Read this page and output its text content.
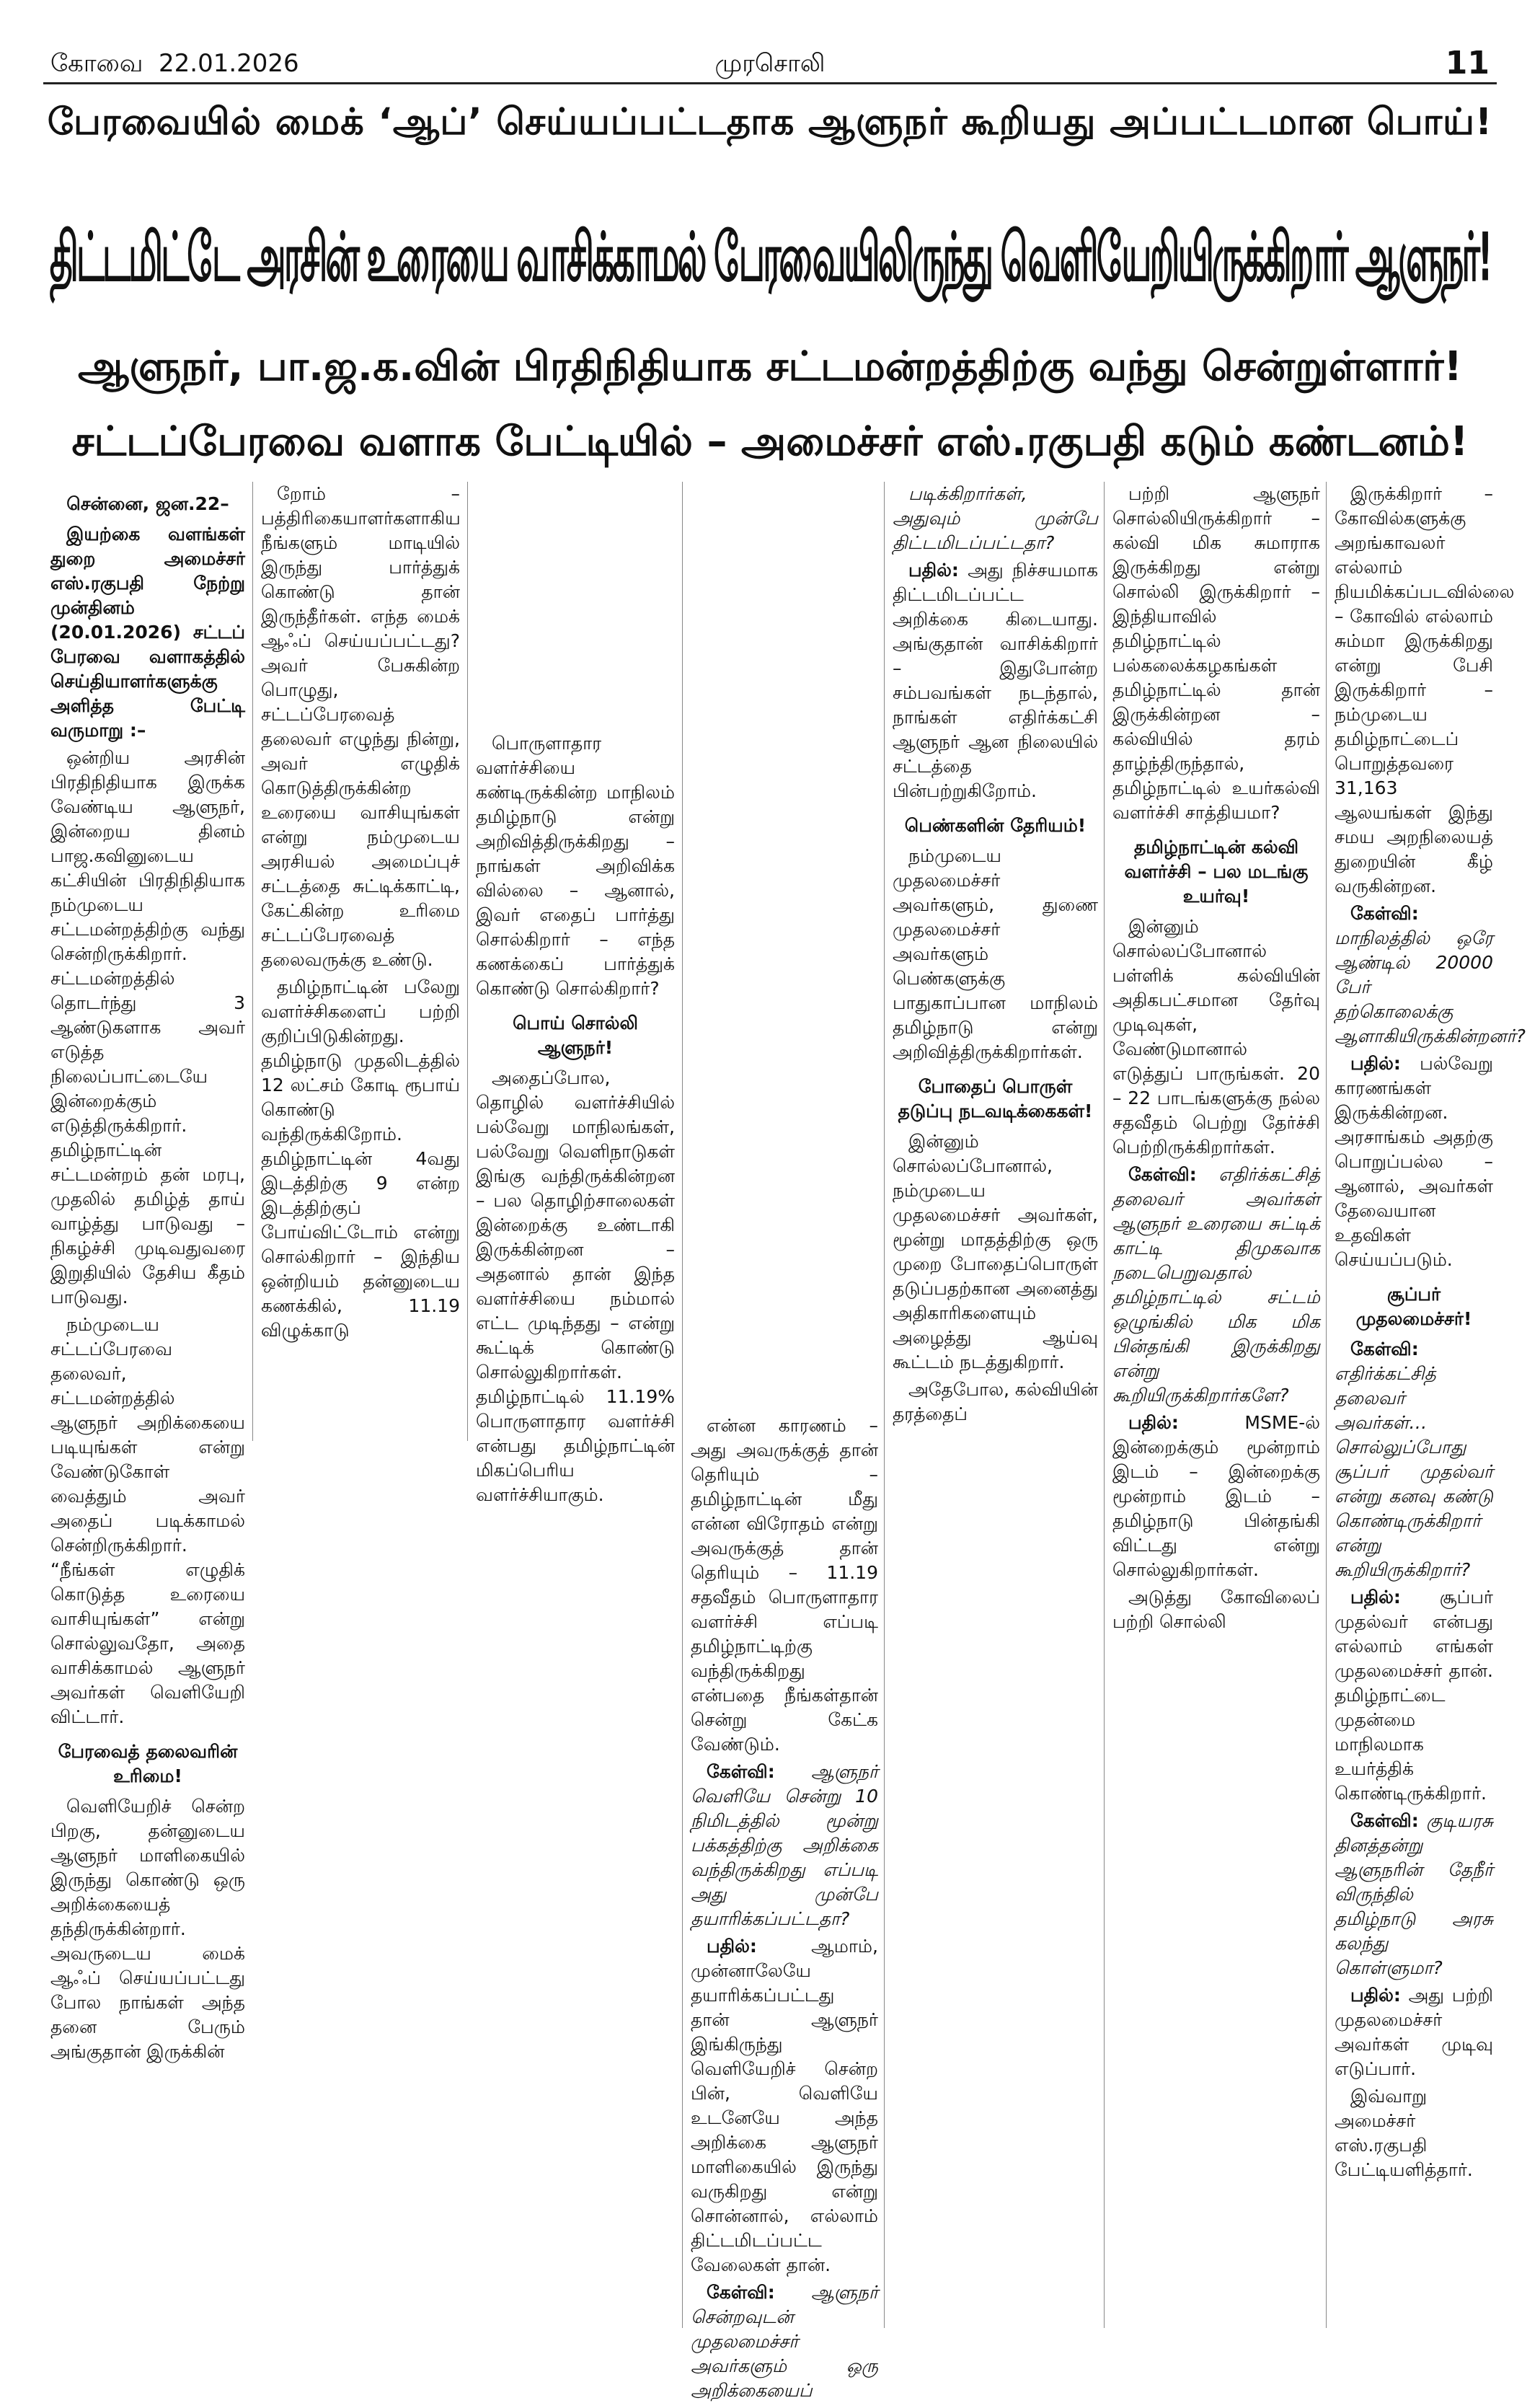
கோவை 22.01.2026	முரசொலி	11
பேரவையில் மைக் ‘ஆப்’ செய்யப்பட்டதாக ஆளுநர் கூறியது அப்பட்டமான பொய்!
திட்டமிட்டே அரசின் உரையை வாசிக்காமல் பேரவையிலிருந்து வெளியேறியிருக்கிறார் ஆளுநர்!
ஆளுநர், பா.ஜ.க.வின் பிரதிநிதியாக சட்டமன்றத்திற்கு வந்து சென்றுள்ளார்!
சட்டப்பேரவை வளாக பேட்டியில் – அமைச்சர் எஸ்.ரகுபதி கடும் கண்டனம்!

சென்னை, ஜன.22–

இயற்கை வளங்கள் துறை அமைச்சர் எஸ்.ரகுபதி நேற்று முன்தினம் (20.01.2026) சட்டப் பேரவை வளாகத்தில் செய்தியாளர்களுக்கு அளித்த பேட்டி வருமாறு :–

ஒன்றிய அரசின் பிரதிநிதியாக இருக்க வேண்டிய ஆளுநர், இன்றைய தினம் பாஜ.கவினுடைய கட்சியின் பிரதிநிதியாக நம்முடைய சட்டமன்றத்திற்கு வந்து சென்றிருக்கிறார். சட்டமன்றத்தில் தொடர்ந்து 3 ஆண்டுகளாக அவர் எடுத்த நிலைப்பாட்டையே இன்றைக்கும் எடுத்திருக்கிறார். தமிழ்நாட்டின் சட்டமன்றம் தன் மரபு, முதலில் தமிழ்த் தாய் வாழ்த்து பாடுவது – நிகழ்ச்சி முடிவதுவரை இறுதியில் தேசிய கீதம் பாடுவது.

நம்முடைய சட்டப்பேரவை தலைவர், சட்டமன்றத்தில் ஆளுநர் அறிக்கையை படியுங்கள் என்று வேண்டுகோள் வைத்தும் அவர் அதைப் படிக்காமல் சென்றிருக்கிறார். “நீங்கள் எழுதிக் கொடுத்த உரையை வாசியுங்கள்” என்று சொல்லுவதோ, அதை வாசிக்காமல் ஆளுநர் அவர்கள் வெளியேறி விட்டார்.

பேரவைத் தலைவரின் உரிமை!

வெளியேறிச் சென்ற பிறகு, தன்னுடைய ஆளுநர் மாளிகையில் இருந்து கொண்டு ஒரு அறிக்கையைத் தந்திருக்கின்றார். அவருடைய மைக் ஆஃப் செய்யப்பட்டது போல நாங்கள் அந்த தனை பேரும் அங்குதான் இருக்கின்

றோம் – பத்திரிகையாளர்களாகிய நீங்களும் மாடியில் இருந்து பார்த்துக் கொண்டு தான் இருந்தீர்கள். எந்த மைக் ஆஃப் செய்யப்பட்டது? அவர் பேசுகின்ற பொழுது, சட்டப்பேரவைத் தலைவர் எழுந்து நின்று, அவர் எழுதிக் கொடுத்திருக்கின்ற உரையை வாசியுங்கள் என்று நம்முடைய அரசியல் அமைப்புச் சட்டத்தை சுட்டிக்காட்டி, கேட்கின்ற உரிமை சட்டப்பேரவைத் தலைவருக்கு உண்டு.

தமிழ்நாட்டின் பலேறு வளர்ச்சிகளைப் பற்றி குறிப்பிடுகின்றது. தமிழ்நாடு முதலிடத்தில் 12 லட்சம் கோடி ரூபாய் கொண்டு வந்திருக்கிறோம். தமிழ்நாட்டின் 4வது இடத்திற்கு 9 என்ற இடத்திற்குப் போய்விட்டோம் என்று சொல்கிறார் – இந்திய ஒன்றியம் தன்னுடைய கணக்கில், 11.19 விழுக்காடு

பொருளாதார வளர்ச்சியை கண்டிருக்கின்ற மாநிலம் தமிழ்நாடு என்று அறிவித்திருக்கிறது – நாங்கள் அறிவிக்க வில்லை – ஆனால், இவர் எதைப் பார்த்து சொல்கிறார் – எந்த கணக்கைப் பார்த்துக் கொண்டு சொல்கிறார்?

பொய் சொல்லி ஆளுநர்!

அதைப்போல, தொழில் வளர்ச்சியில் பல்வேறு மாநிலங்கள், பல்வேறு வெளிநாடுகள் இங்கு வந்திருக்கின்றன – பல தொழிற்சாலைகள் இன்றைக்கு உண்டாகி இருக்கின்றன – அதனால் தான் இந்த வளர்ச்சியை நம்மால் எட்ட முடிந்தது – என்று கூட்டிக் கொண்டு சொல்லுகிறார்கள். தமிழ்நாட்டில் 11.19% பொருளாதார வளர்ச்சி என்பது தமிழ்நாட்டின் மிகப்பெரிய வளர்ச்சியாகும்.

என்ன காரணம் – அது அவருக்குத் தான் தெரியும் – தமிழ்நாட்டின் மீது என்ன விரோதம் என்று அவருக்குத் தான் தெரியும் – 11.19 சதவீதம் பொருளாதார வளர்ச்சி எப்படி தமிழ்நாட்டிற்கு வந்திருக்கிறது என்பதை நீங்கள்தான் சென்று கேட்க வேண்டும்.

கேள்வி: ஆளுநர் வெளியே சென்று 10 நிமிடத்தில் மூன்று பக்கத்திற்கு அறிக்கை வந்திருக்கிறது எப்படி அது முன்பே தயாரிக்கப்பட்டதா?

பதில்:	ஆமாம், முன்னாலேயே தயாரிக்கப்பட்டது தான் ஆளுநர் இங்கிருந்து வெளியேறிச் சென்ற பின், வெளியே உடனேயே அந்த அறிக்கை ஆளுநர் மாளிகையில் இருந்து வருகிறது என்று சொன்னால், எல்லாம் திட்டமிடப்பட்ட வேலைகள் தான்.

கேள்வி: ஆளுநர் சென்றவுடன் முதலமைச்சர் அவர்களும் ஒரு அறிக்கையைப்

படிக்கிறார்கள், அதுவும் முன்பே திட்டமிடப்பட்டதா?

பதில்: அது நிச்சயமாக திட்டமிடப்பட்ட அறிக்கை கிடையாது. அங்குதான் வாசிக்கிறார் – இதுபோன்ற சம்பவங்கள் நடந்தால், நாங்கள் எதிர்க்கட்சி ஆளுநர் ஆன நிலையில் சட்டத்தை பின்பற்றுகிறோம்.

பெண்களின் தேரியம்!

நம்முடைய முதலமைச்சர் அவர்களும், துணை முதலமைச்சர் அவர்களும் பெண்களுக்கு பாதுகாப்பான மாநிலம் தமிழ்நாடு என்று அறிவித்திருக்கிறார்கள்.

போதைப் பொருள் தடுப்பு நடவடிக்கைகள்!

இன்னும் சொல்லப்போனால், நம்முடைய முதலமைச்சர் அவர்கள், மூன்று மாதத்திற்கு ஒரு முறை போதைப்பொருள் தடுப்பதற்கான அனைத்து அதிகாரிகளையும் அழைத்து ஆய்வு கூட்டம் நடத்துகிறார்.

அதேபோல, கல்வியின் தரத்தைப்

பற்றி ஆளுநர் சொல்லியிருக்கிறார் – கல்வி மிக சுமாராக இருக்கிறது என்று சொல்லி இருக்கிறார் – இந்தியாவில் தமிழ்நாட்டில் பல்கலைக்கழகங்கள் தமிழ்நாட்டில் தான் இருக்கின்றன – கல்வியில் தரம் தாழ்ந்திருந்தால், தமிழ்நாட்டில் உயர்கல்வி வளர்ச்சி சாத்தியமா?

தமிழ்நாட்டின் கல்வி வளர்ச்சி – பல மடங்கு உயர்வு!

இன்னும் சொல்லப்போனால் பள்ளிக் கல்வியின் அதிகபட்சமான தேர்வு முடிவுகள், வேண்டுமானால் எடுத்துப் பாருங்கள். 20 – 22 பாடங்களுக்கு நல்ல சதவீதம் பெற்று தேர்ச்சி பெற்றிருக்கிறார்கள்.

கேள்வி: எதிர்க்கட்சித் தலைவர் அவர்கள் ஆளுநர் உரையை சுட்டிக் காட்டி திமுகவாக நடைபெறுவதால் தமிழ்நாட்டில் சட்டம் ஒழுங்கில் மிக மிக பின்தங்கி இருக்கிறது என்று கூறியிருக்கிறார்களே?

பதில்:	MSME-ல் இன்றைக்கும் மூன்றாம் இடம் – இன்றைக்கு மூன்றாம் இடம் – தமிழ்நாடு பின்தங்கி விட்டது என்று சொல்லுகிறார்கள்.

அடுத்து கோவிலைப் பற்றி சொல்லி

இருக்கிறார் – கோவில்களுக்கு அறங்காவலர் எல்லாம் நியமிக்கப்படவில்லை – கோவில் எல்லாம் சும்மா இருக்கிறது என்று பேசி இருக்கிறார் – நம்முடைய தமிழ்நாட்டைப் பொறுத்தவரை 31,163 ஆலயங்கள் இந்து சமய அறநிலையத் துறையின் கீழ் வருகின்றன.

கேள்வி: மாநிலத்தில் ஒரே ஆண்டில் 20000 பேர் தற்கொலைக்கு ஆளாகியிருக்கின்றனர்?

பதில்: பல்வேறு காரணங்கள் இருக்கின்றன. அரசாங்கம் அதற்கு பொறுப்பல்ல – ஆனால், அவர்கள் தேவையான உதவிகள் செய்யப்படும்.

சூப்பர் முதலமைச்சர்!

கேள்வி: எதிர்க்கட்சித் தலைவர் அவர்கள்… சொல்லுப்போது சூப்பர் முதல்வர் என்று கனவு கண்டு கொண்டிருக்கிறார் என்று கூறியிருக்கிறார்?

பதில்: சூப்பர் முதல்வர் என்பது எல்லாம் எங்கள் முதலமைச்சர் தான். தமிழ்நாட்டை முதன்மை மாநிலமாக உயர்த்திக் கொண்டிருக்கிறார்.

கேள்வி: குடியரசு தினத்தன்று ஆளுநரின் தேநீர் விருந்தில் தமிழ்நாடு அரசு கலந்து கொள்ளுமா?

பதில்: அது பற்றி முதலமைச்சர் அவர்கள் முடிவு எடுப்பார்.

இவ்வாறு அமைச்சர் எஸ்.ரகுபதி பேட்டியளித்தார்.
